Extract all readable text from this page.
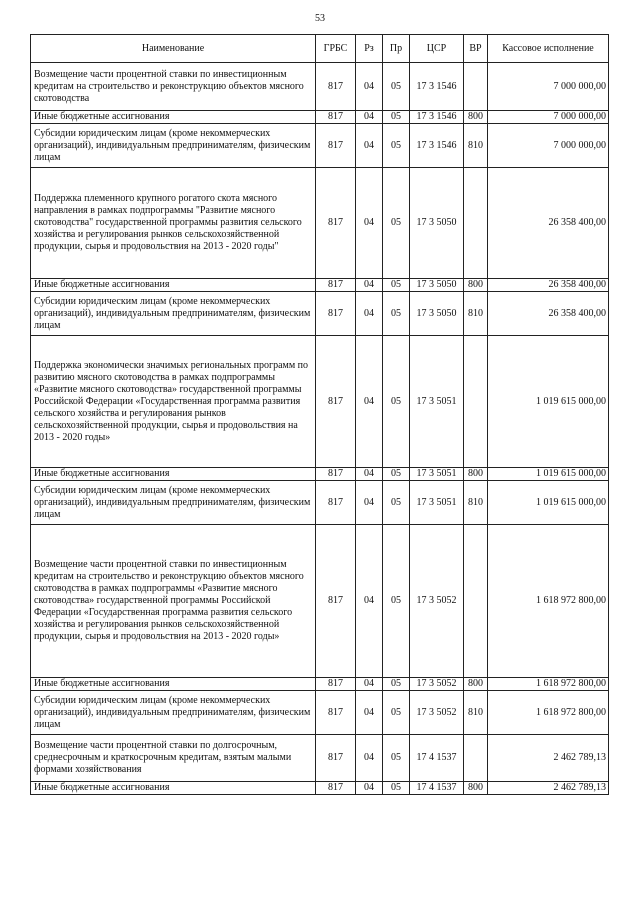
53
Наименование	ГРБС	Рз	Пр	ЦСР	ВР	Кассовое исполнение
Возмещение части процентной ставки по инвестиционным кредитам на строительство и реконструкцию объектов мясного скотоводства	817	04	05	17 3 1546		7 000 000,00
Иные бюджетные ассигнования	817	04	05	17 3 1546	800	7 000 000,00
Субсидии юридическим лицам (кроме некоммерческих организаций), индивидуальным предпринимателям, физическим лицам	817	04	05	17 3 1546	810	7 000 000,00
Поддержка племенного крупного рогатого скота мясного направления в рамках подпрограммы "Развитие мясного скотоводства" государственной программы развития сельского хозяйства и регулирования рынков сельскохозяйственной продукции, сырья и продовольствия на 2013 - 2020 годы"	817	04	05	17 3 5050		26 358 400,00
Иные бюджетные ассигнования	817	04	05	17 3 5050	800	26 358 400,00
Субсидии юридическим лицам (кроме некоммерческих организаций), индивидуальным предпринимателям, физическим лицам	817	04	05	17 3 5050	810	26 358 400,00
Поддержка экономически значимых региональных программ по развитию мясного скотоводства в рамках подпрограммы «Развитие мясного скотоводства» государственной программы Российской Федерации «Государственная программа развития сельского хозяйства и регулирования рынков сельскохозяйственной продукции, сырья и продовольствия на 2013 - 2020 годы»	817	04	05	17 3 5051		1 019 615 000,00
Иные бюджетные ассигнования	817	04	05	17 3 5051	800	1 019 615 000,00
Субсидии юридическим лицам (кроме некоммерческих организаций), индивидуальным предпринимателям, физическим лицам	817	04	05	17 3 5051	810	1 019 615 000,00
Возмещение части процентной ставки по инвестиционным кредитам на строительство и реконструкцию объектов мясного скотоводства в рамках подпрограммы «Развитие мясного скотоводства» государственной программы Российской Федерации «Государственная программа развития сельского хозяйства и регулирования рынков сельскохозяйственной продукции, сырья и продовольствия на 2013 - 2020 годы»	817	04	05	17 3 5052		1 618 972 800,00
Иные бюджетные ассигнования	817	04	05	17 3 5052	800	1 618 972 800,00
Субсидии юридическим лицам (кроме некоммерческих организаций), индивидуальным предпринимателям, физическим лицам	817	04	05	17 3 5052	810	1 618 972 800,00
Возмещение части процентной ставки по долгосрочным, среднесрочным и краткосрочным кредитам, взятым малыми формами хозяйствования	817	04	05	17 4 1537		2 462 789,13
Иные бюджетные ассигнования	817	04	05	17 4 1537	800	2 462 789,13
